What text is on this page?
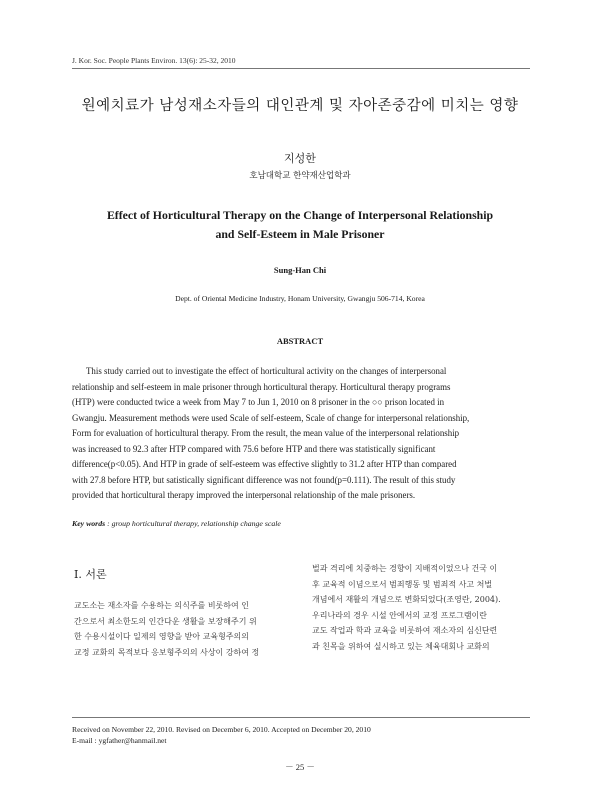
J. Kor. Soc. People Plants Environ. 13(6): 25-32, 2010
원예치료가 남성재소자들의 대인관계 및 자아존중감에 미치는 영향
지성한
호남대학교 한약재산업학과
Effect of Horticultural Therapy on the Change of Interpersonal Relationship
and Self-Esteem in Male Prisoner
Sung-Han Chi
Dept. of Oriental Medicine Industry, Honam University, Gwangju 506-714, Korea
ABSTRACT
This study carried out to investigate the effect of horticultural activity on the changes of interpersonal
relationship and self-esteem in male prisoner through horticultural therapy. Horticultural therapy programs
(HTP) were conducted twice a week from May 7 to Jun 1, 2010 on 8 prisoner in the ○○ prison located in
Gwangju. Measurement methods were used Scale of self-esteem, Scale of change for interpersonal relationship,
Form for evaluation of horticultural therapy. From the result, the mean value of the interpersonal relationship
was increased to 92.3 after HTP compared with 75.6 before HTP and there was statistically significant
difference(p<0.05). And HTP in grade of self-esteem was effective slightly to 31.2 after HTP than compared
with 27.8 before HTP, but satistically significant difference was not found(p=0.111). The result of this study
provided that horticultural therapy improved the interpersonal relationship of the male prisoners.
Key words : group horticultural therapy, relationship change scale
Ⅰ. 서론
교도소는 재소자를 수용하는 의식주를 비롯하여 인
간으로서 최소한도의 인간다운 생활을 보장해주기 위
한 수용시설이다 일제의 영향을 받아 교육형주의의
교정 교화의 목적보다 응보형주의의 사상이 강하여 정
벌과 격리에 치중하는 경향이 지배적이었으나 건국 이
후 교육적 이념으로서 범죄행동 및 범죄적 사고 처벌
개념에서 재활의 개념으로 변화되었다(조영란, 2004).
우리나라의 경우 시설 안에서의 교정 프로그램이란
교도 작업과 학과 교육을 비롯하여 재소자의 심신단련
과 친목을 위하여 실시하고 있는 체육대회나 교화의
Received on November 22, 2010. Revised on December 6, 2010. Accepted on December 20, 2010
E-mail : ygfather@hanmail.net
－ 25 －
